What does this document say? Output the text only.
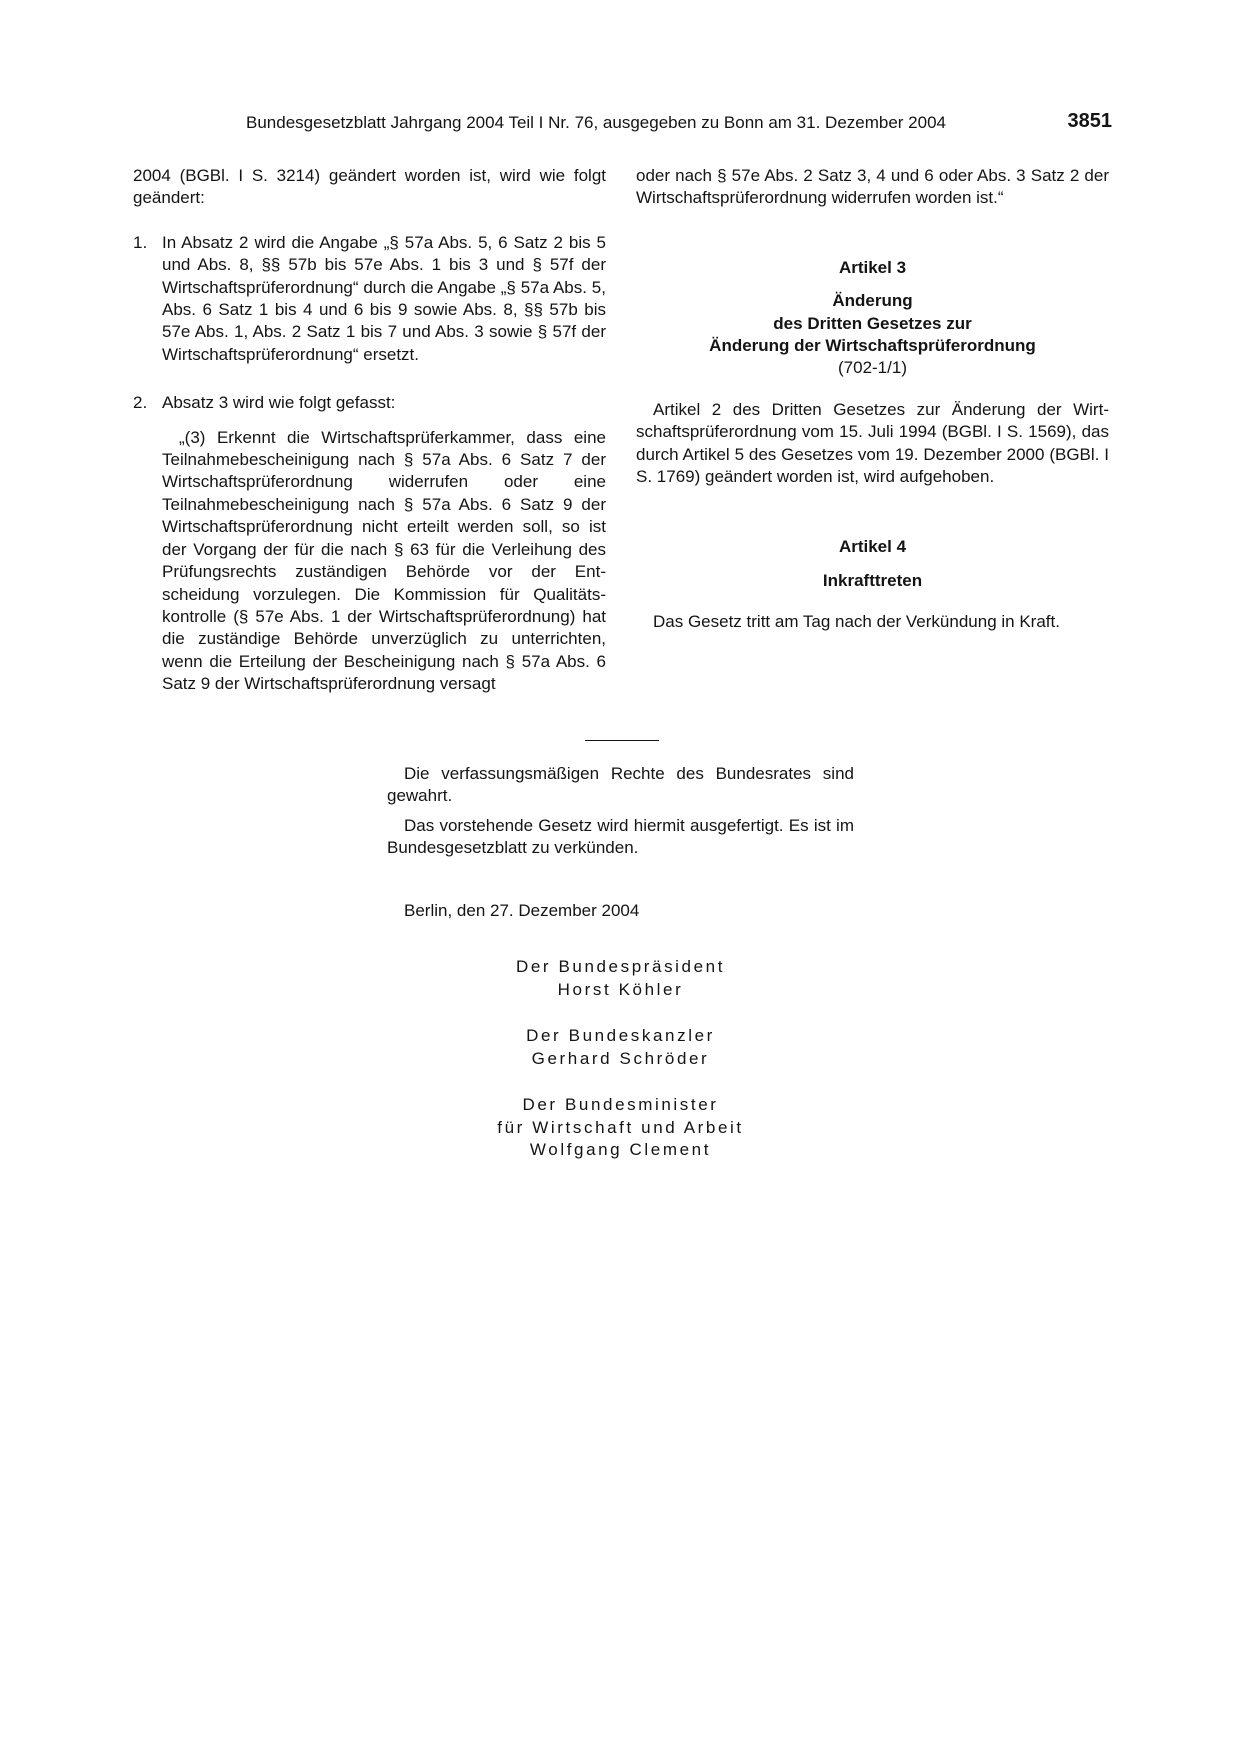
Bundesgesetzblatt Jahrgang 2004 Teil I Nr. 76, ausgegeben zu Bonn am 31. Dezember 2004	3851

2004 (BGBl. I S. 3214) geändert worden ist, wird wie folgt geändert:

1. In Absatz 2 wird die Angabe „§ 57a Abs. 5, 6 Satz 2 bis 5 und Abs. 8, §§ 57b bis 57e Abs. 1 bis 3 und § 57f der Wirtschaftsprüferordnung“ durch die Angabe „§ 57a Abs. 5, Abs. 6 Satz 1 bis 4 und 6 bis 9 sowie Abs. 8, §§ 57b bis 57e Abs. 1, Abs. 2 Satz 1 bis 7 und Abs. 3 sowie § 57f der Wirtschaftsprüferordnung“ ersetzt.

2. Absatz 3 wird wie folgt gefasst:

„(3) Erkennt die Wirtschaftsprüferkammer, dass eine Teilnahmebescheinigung nach § 57a Abs. 6 Satz 7 der Wirtschaftsprüferordnung widerrufen oder eine Teilnahmebescheinigung nach § 57a Abs. 6 Satz 9 der Wirtschaftsprüferordnung nicht erteilt werden soll, so ist der Vorgang der für die nach § 63 für die Verleihung des Prüfungsrechts zuständigen Behörde vor der Entscheidung vorzulegen. Die Kommission für Qualitätskontrolle (§ 57e Abs. 1 der Wirtschaftsprüferordnung) hat die zuständige Behörde unverzüglich zu unterrichten, wenn die Erteilung der Bescheinigung nach § 57a Abs. 6 Satz 9 der Wirtschaftsprüferordnung versagt

oder nach § 57e Abs. 2 Satz 3, 4 und 6 oder Abs. 3 Satz 2 der Wirtschaftsprüferordnung widerrufen worden ist.“

Artikel 3

Änderung

des Dritten Gesetzes zur

Änderung der Wirtschaftsprüferordnung

(702-1/1)

Artikel 2 des Dritten Gesetzes zur Änderung der Wirtschaftsprüferordnung vom 15. Juli 1994 (BGBl. I S. 1569), das durch Artikel 5 des Gesetzes vom 19. Dezember 2000 (BGBl. I S. 1769) geändert worden ist, wird aufgehoben.

Artikel 4

Inkrafttreten

Das Gesetz tritt am Tag nach der Verkündung in Kraft.

Die verfassungsmäßigen Rechte des Bundesrates sind gewahrt.

Das vorstehende Gesetz wird hiermit ausgefertigt. Es ist im Bundesgesetzblatt zu verkünden.

Berlin, den 27. Dezember 2004

Der Bundespräsident
Horst Köhler
Der Bundeskanzler
Gerhard Schröder
Der Bundesminister
für Wirtschaft und Arbeit
Wolfgang Clement
